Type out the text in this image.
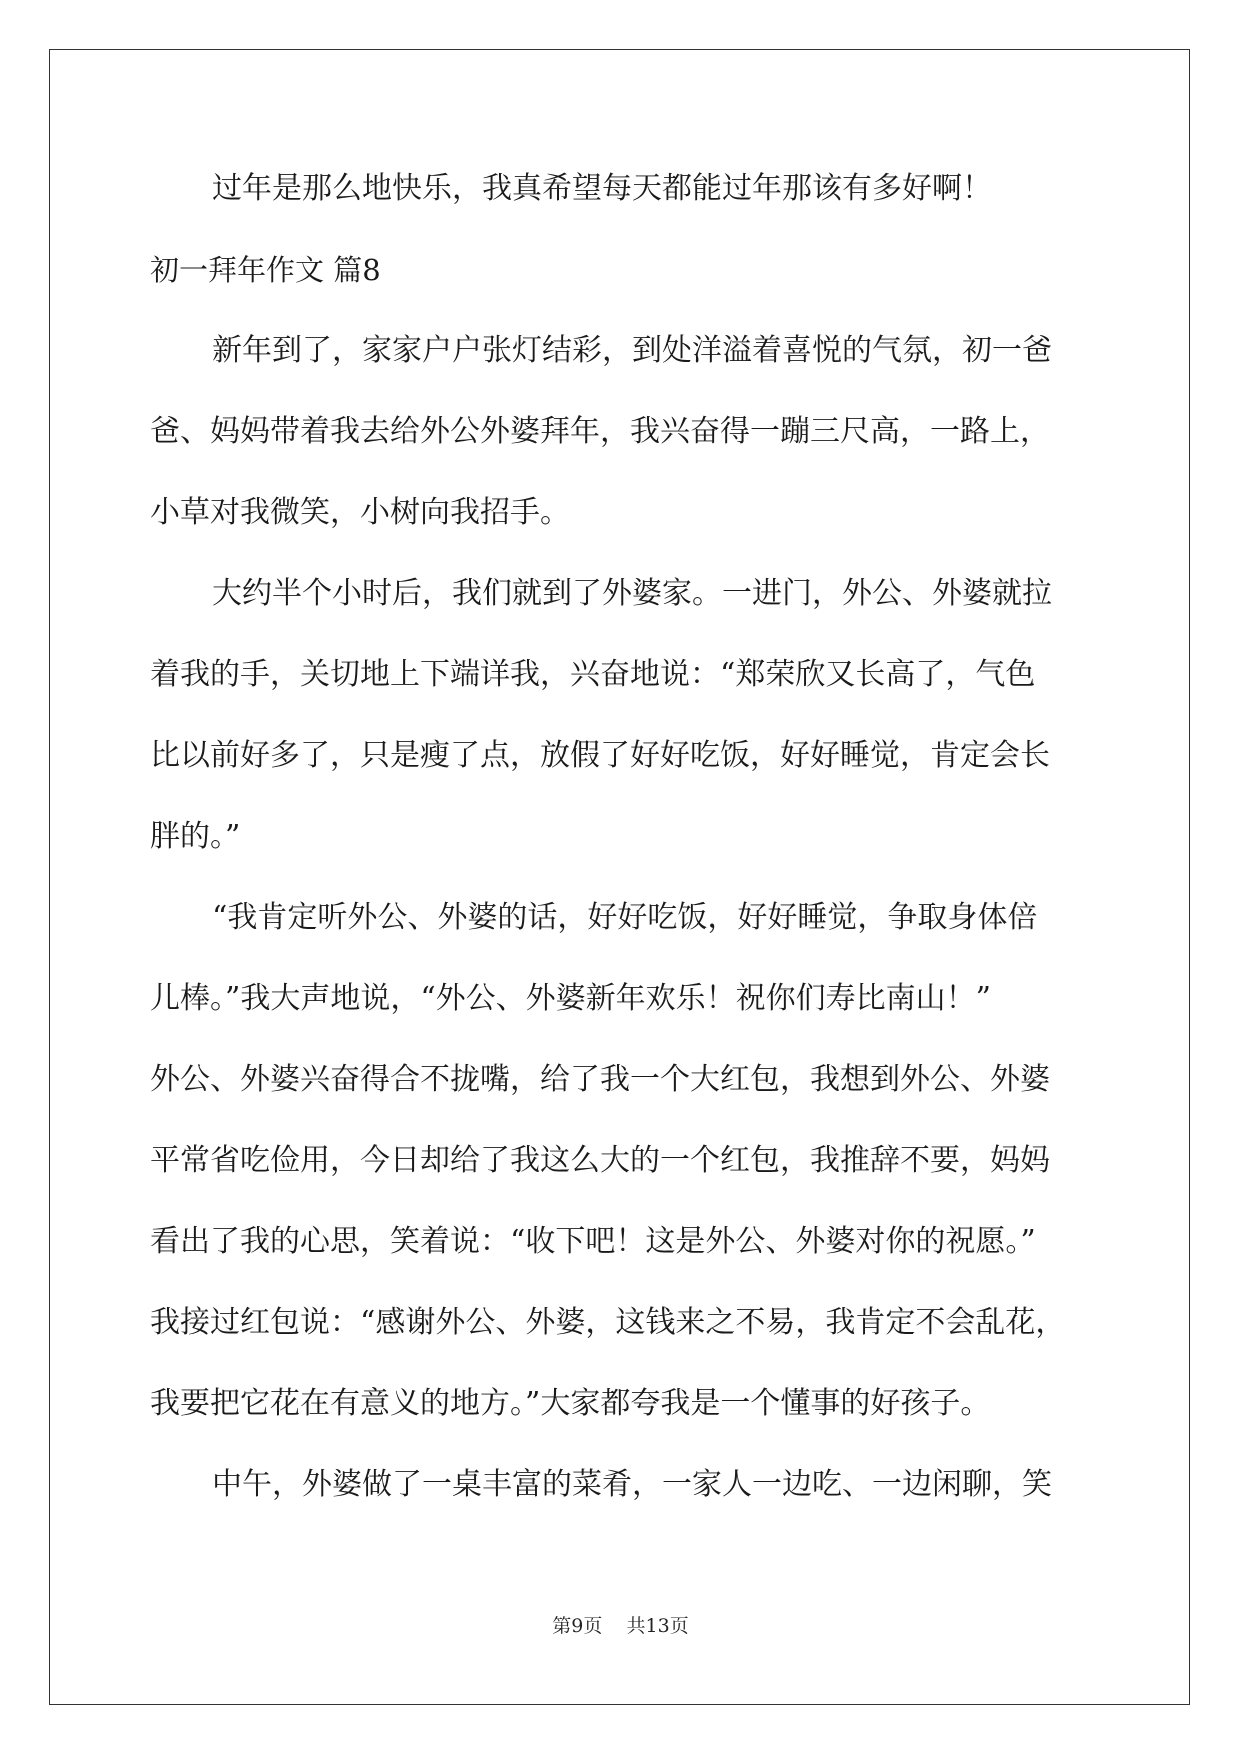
过年是那么地快乐，我真希望每天都能过年那该有多好啊！
初一拜年作文 篇8
新年到了，家家户户张灯结彩，到处洋溢着喜悦的气氛，初一爸
爸、妈妈带着我去给外公外婆拜年，我兴奋得一蹦三尺高，一路上，
小草对我微笑，小树向我招手。
大约半个小时后，我们就到了外婆家。一进门，外公、外婆就拉
着我的手，关切地上下端详我，兴奋地说：“郑荣欣又长高了，气色
比以前好多了，只是瘦了点，放假了好好吃饭，好好睡觉，肯定会长
胖的。”
“我肯定听外公、外婆的话，好好吃饭，好好睡觉，争取身体倍
儿棒。”我大声地说，“外公、外婆新年欢乐！祝你们寿比南山！”
外公、外婆兴奋得合不拢嘴，给了我一个大红包，我想到外公、外婆
平常省吃俭用，今日却给了我这么大的一个红包，我推辞不要，妈妈
看出了我的心思，笑着说：“收下吧！这是外公、外婆对你的祝愿。”
我接过红包说：“感谢外公、外婆，这钱来之不易，我肯定不会乱花，
我要把它花在有意义的地方。”大家都夸我是一个懂事的好孩子。
中午，外婆做了一桌丰富的菜肴，一家人一边吃、一边闲聊，笑
第9页 共13页
